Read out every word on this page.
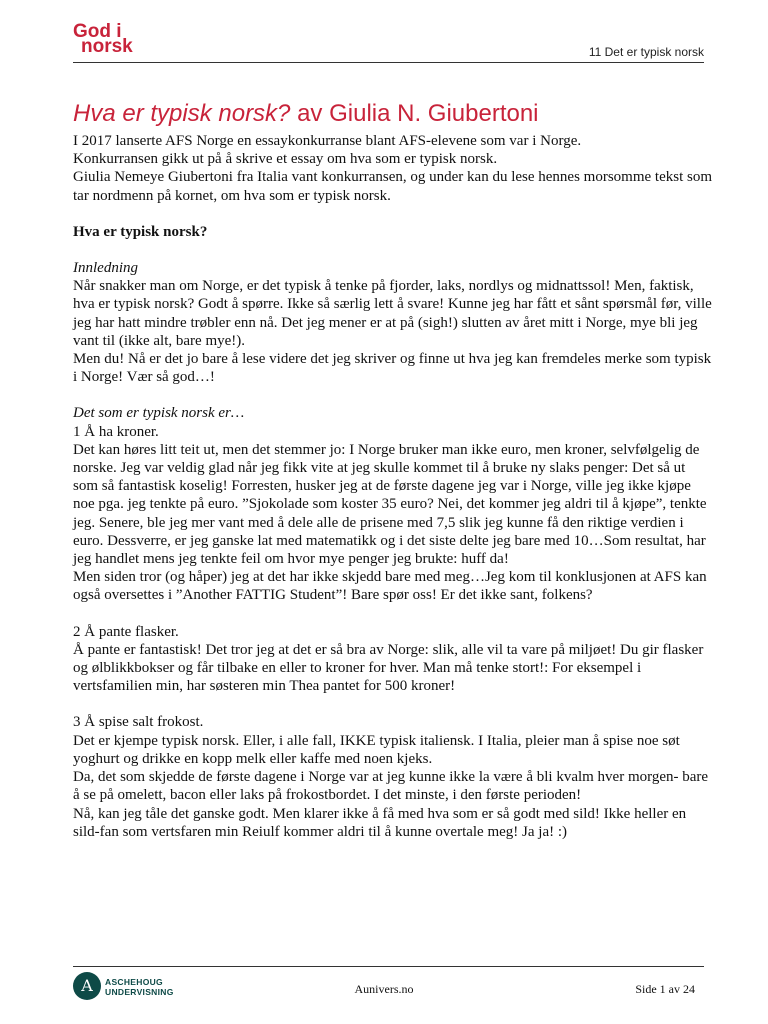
God i
norsk	11 Det er typisk norsk
Hva er typisk norsk? av Giulia N. Giubertoni

I 2017 lanserte AFS Norge en essaykonkurranse blant AFS-elevene som var i Norge.

Konkurransen gikk ut på å skrive et essay om hva som er typisk norsk.

Giulia Nemeye Giubertoni fra Italia vant konkurransen, og under kan du lese hennes morsomme tekst som tar nordmenn på kornet, om hva som er typisk norsk.

Hva er typisk norsk?

Innledning

Når snakker man om Norge, er det typisk å tenke på fjorder, laks, nordlys og midnattssol! Men, faktisk, hva er typisk norsk? Godt å spørre. Ikke så særlig lett å svare! Kunne jeg har fått et sånt spørsmål før, ville jeg har hatt mindre trøbler enn nå. Det jeg mener er at på (sigh!) slutten av året mitt i Norge, mye bli jeg vant til (ikke alt, bare mye!).

Men du! Nå er det jo bare å lese videre det jeg skriver og finne ut hva jeg kan fremdeles merke som typisk i Norge! Vær så god…!

Det som er typisk norsk er…

1 Å ha kroner.

Det kan høres litt teit ut, men det stemmer jo: I Norge bruker man ikke euro, men kroner, selvfølgelig de norske. Jeg var veldig glad når jeg fikk vite at jeg skulle kommet til å bruke ny slaks penger: Det så ut som så fantastisk koselig! Forresten, husker jeg at de første dagene jeg var i Norge, ville jeg ikke kjøpe noe pga. jeg tenkte på euro. ”Sjokolade som koster 35 euro? Nei, det kommer jeg aldri til å kjøpe”, tenkte jeg. Senere, ble jeg mer vant med å dele alle de prisene med 7,5 slik jeg kunne få den riktige verdien i euro. Dessverre, er jeg ganske lat med matematikk og i det siste delte jeg bare med 10…Som resultat, har jeg handlet mens jeg tenkte feil om hvor mye penger jeg brukte: huff da!

Men siden tror (og håper) jeg at det har ikke skjedd bare med meg…Jeg kom til konklusjonen at AFS kan også oversettes i ”Another FATTIG Student”! Bare spør oss! Er det ikke sant, folkens?

2 Å pante flasker.

Å pante er fantastisk! Det tror jeg at det er så bra av Norge: slik, alle vil ta vare på miljøet! Du gir flasker og ølblikkbokser og får tilbake en eller to kroner for hver. Man må tenke stort!: For eksempel i vertsfamilien min, har søsteren min Thea pantet for 500 kroner!

3 Å spise salt frokost.

Det er kjempe typisk norsk. Eller, i alle fall, IKKE typisk italiensk. I Italia, pleier man å spise noe søt yoghurt og drikke en kopp melk eller kaffe med noen kjeks.

Da, det som skjedde de første dagene i Norge var at jeg kunne ikke la være å bli kvalm hver morgen- bare å se på omelett, bacon eller laks på frokostbordet. I det minste, i den første perioden!

Nå, kan jeg tåle det ganske godt. Men klarer ikke å få med hva som er så godt med sild! Ikke heller en sild-fan som vertsfaren min Reiulf kommer aldri til å kunne overtale meg! Ja ja! :)

A	ASCHEHOUG
UNDERVISNING	Aunivers.no	Side 1 av 24
